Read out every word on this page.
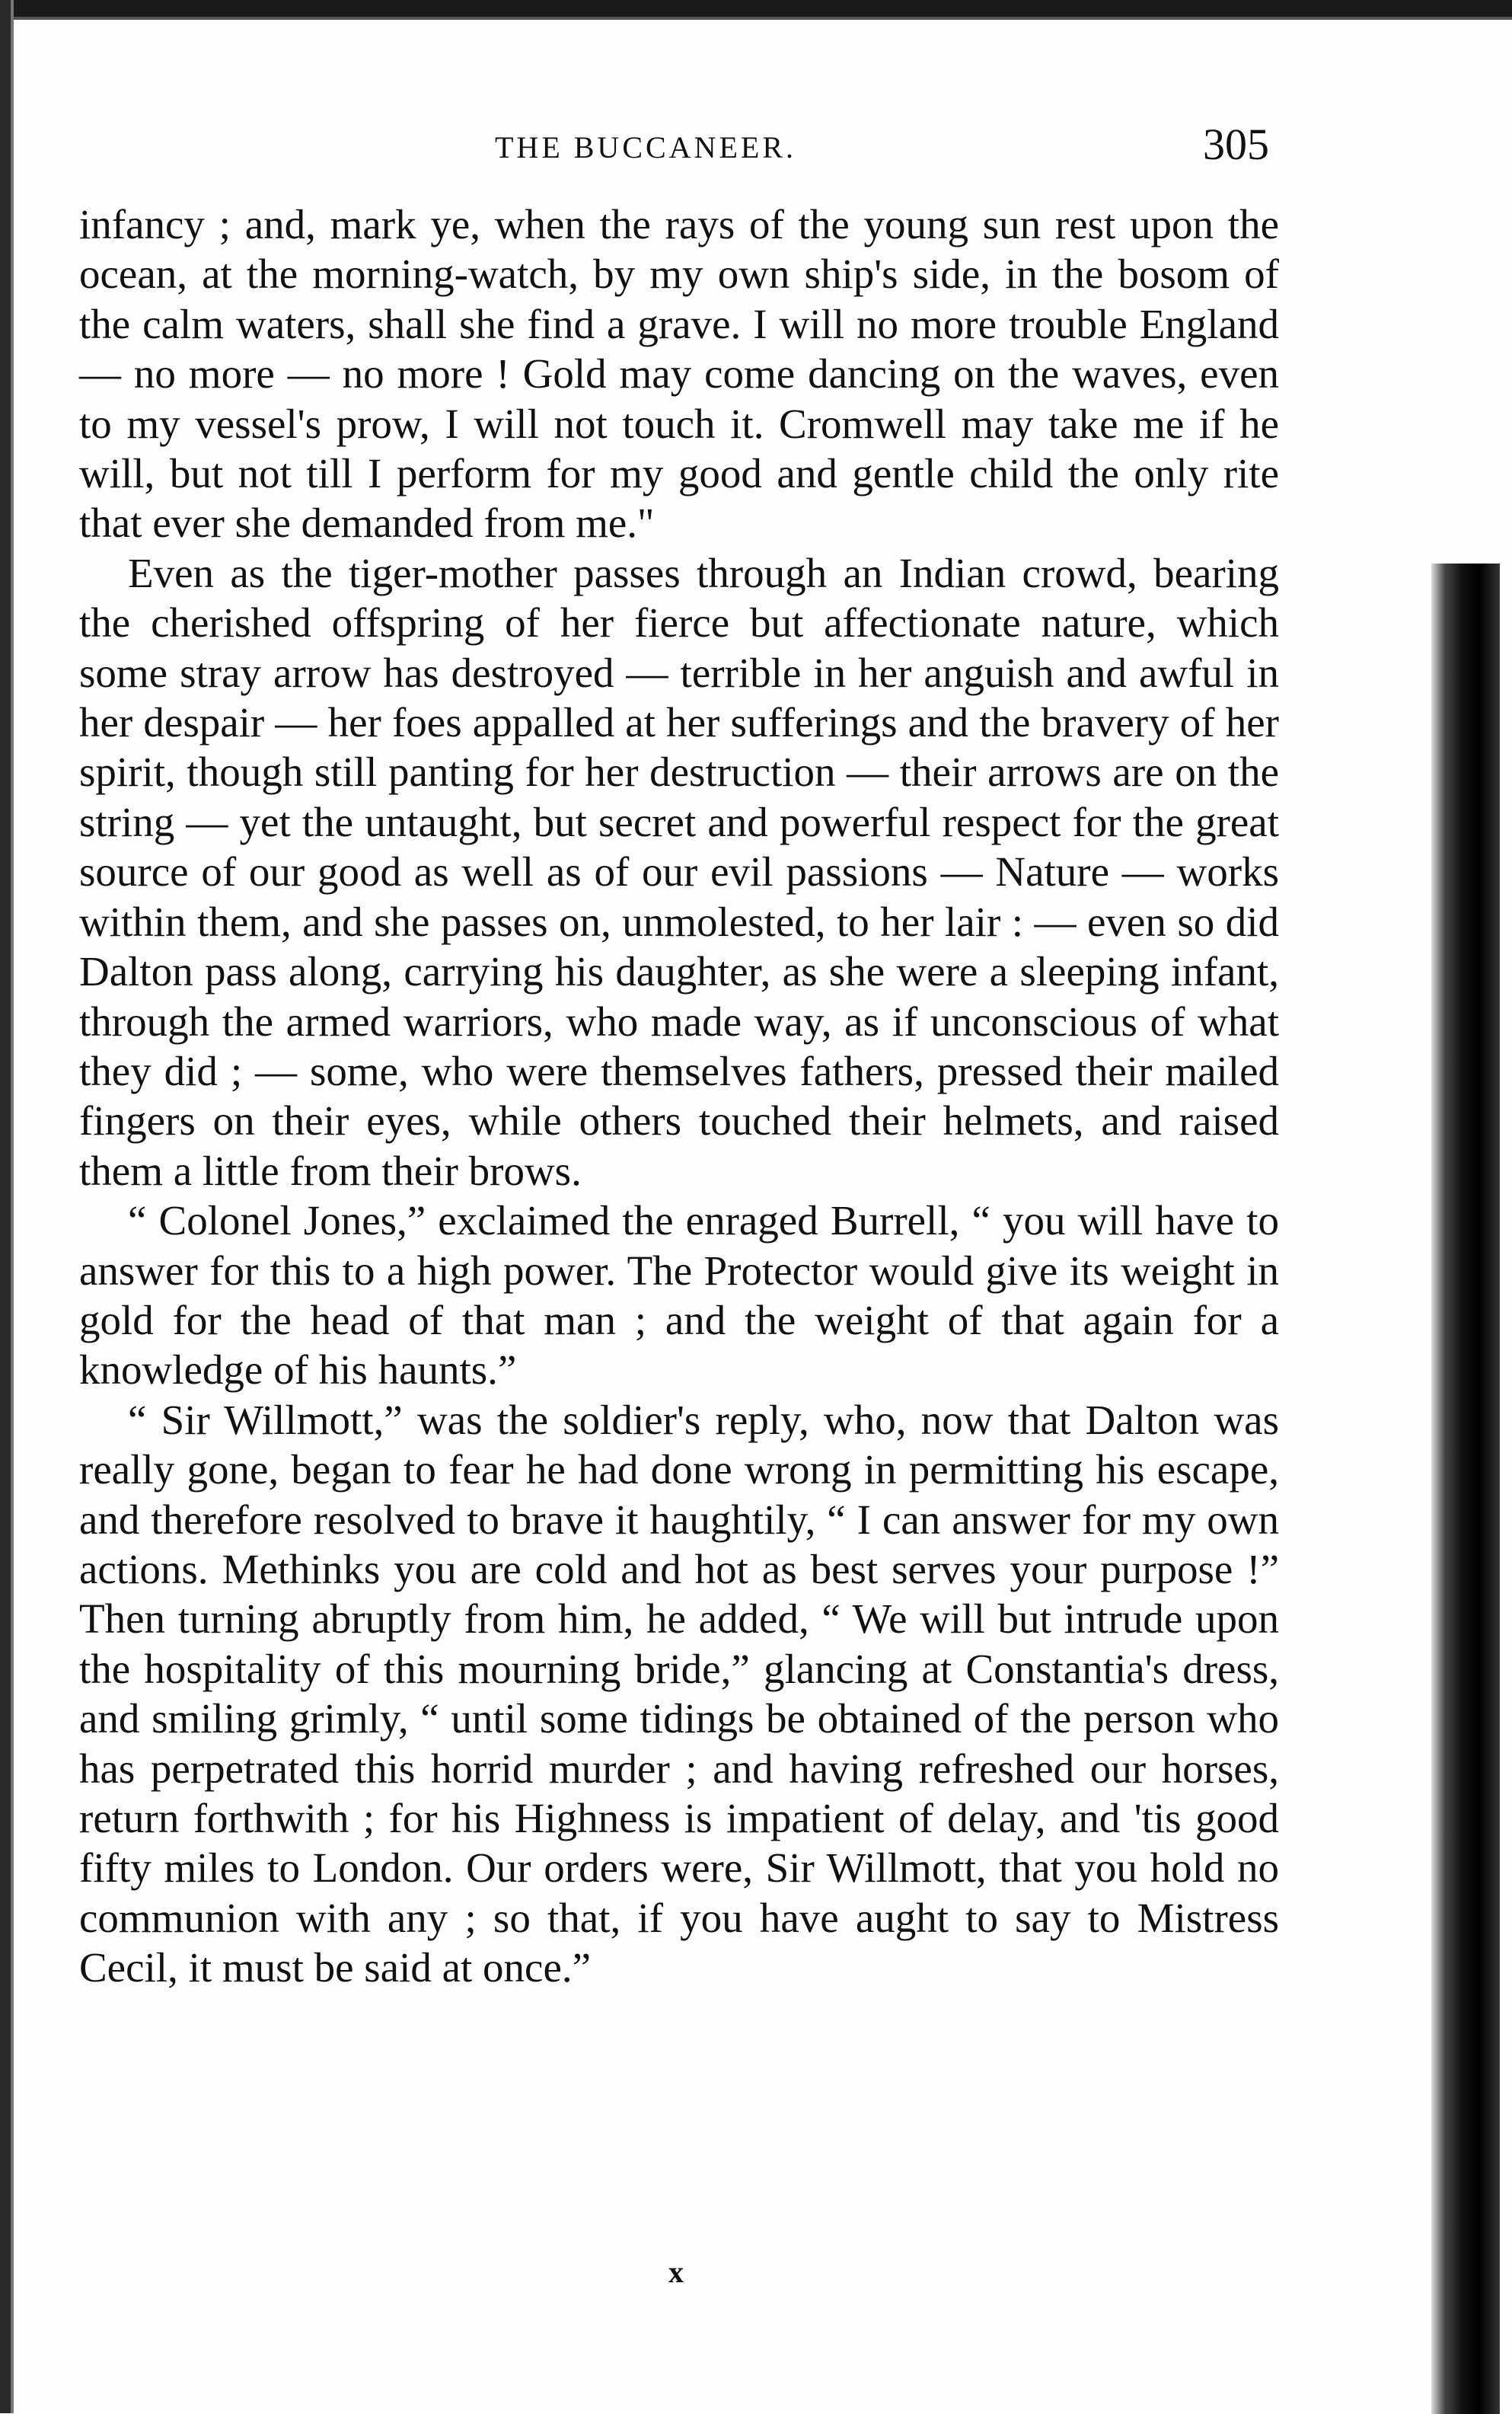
THE BUCCANEER.	305

infancy ; and, mark ye, when the rays of the young sun rest upon the ocean, at the morning-watch, by my own ship's side, in the bosom of the calm waters, shall she find a grave. I will no more trouble England — no more — no more ! Gold may come dancing on the waves, even to my vessel's prow, I will not touch it. Cromwell may take me if he will, but not till I perform for my good and gentle child the only rite that ever she demanded from me."

Even as the tiger-mother passes through an Indian crowd, bearing the cherished offspring of her fierce but affectionate nature, which some stray arrow has destroyed — terrible in her anguish and awful in her despair — her foes appalled at her sufferings and the bravery of her spirit, though still panting for her destruction — their arrows are on the string — yet the untaught, but secret and powerful respect for the great source of our good as well as of our evil passions — Nature — works within them, and she passes on, unmolested, to her lair : — even so did Dalton pass along, carrying his daughter, as she were a sleeping infant, through the armed warriors, who made way, as if unconscious of what they did ; — some, who were themselves fathers, pressed their mailed fingers on their eyes, while others touched their helmets, and raised them a little from their brows.

“ Colonel Jones,” exclaimed the enraged Burrell, “ you will have to answer for this to a high power. The Protector would give its weight in gold for the head of that man ; and the weight of that again for a knowledge of his haunts.”

“ Sir Willmott,” was the soldier's reply, who, now that Dalton was really gone, began to fear he had done wrong in permitting his escape, and therefore resolved to brave it haughtily, “ I can answer for my own actions. Methinks you are cold and hot as best serves your purpose !” Then turning abruptly from him, he added, “ We will but intrude upon the hospitality of this mourning bride,” glancing at Constantia's dress, and smiling grimly, “ until some tidings be obtained of the person who has perpetrated this horrid murder ; and having refreshed our horses, return forthwith ; for his Highness is impatient of delay, and 'tis good fifty miles to London. Our orders were, Sir Willmott, that you hold no communion with any ; so that, if you have aught to say to Mistress Cecil, it must be said at once.”

x
